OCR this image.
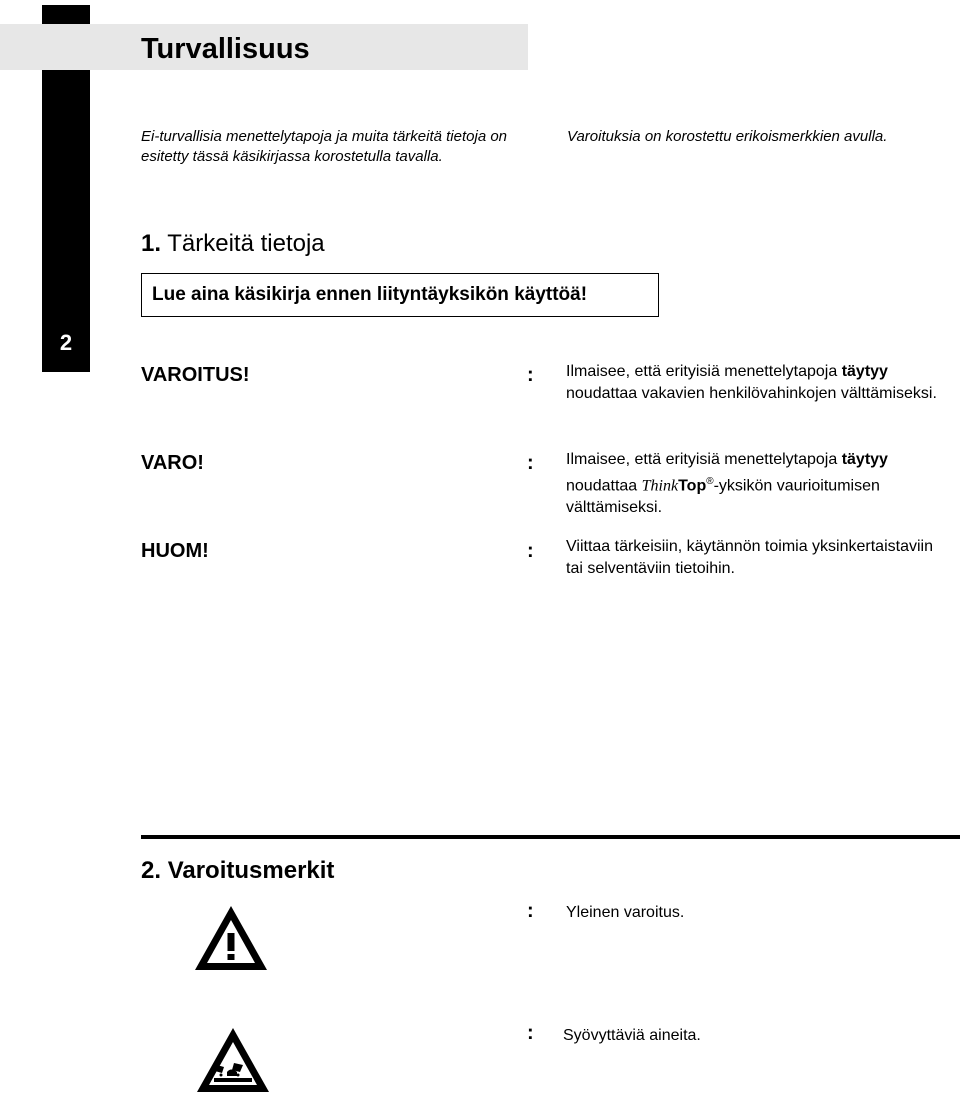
2
Turvallisuus
Ei-turvallisia menettelytapoja ja muita tärkeitä tietoja on esitetty tässä käsikirjassa korostetulla tavalla.
Varoituksia on korostettu erikoismerkkien avulla.
1. Tärkeitä tietoja
Lue aina käsikirja ennen liityntäyksikön käyttöä!
VAROITUS!	: Ilmaisee, että erityisiä menettelytapoja täytyy noudattaa vakavien henkilövahinkojen välttämiseksi.
VARO!	: Ilmaisee, että erityisiä menettelytapoja täytyy noudattaa ThinkTop®-yksikön vaurioitumisen välttämiseksi.
HUOM!	: Viittaa tärkeisiin, käytännön toimia yksinkertaistaviin tai selventäviin tietoihin.
2. Varoitusmerkit
: Yleinen varoitus.
: Syövyttäviä aineita.
